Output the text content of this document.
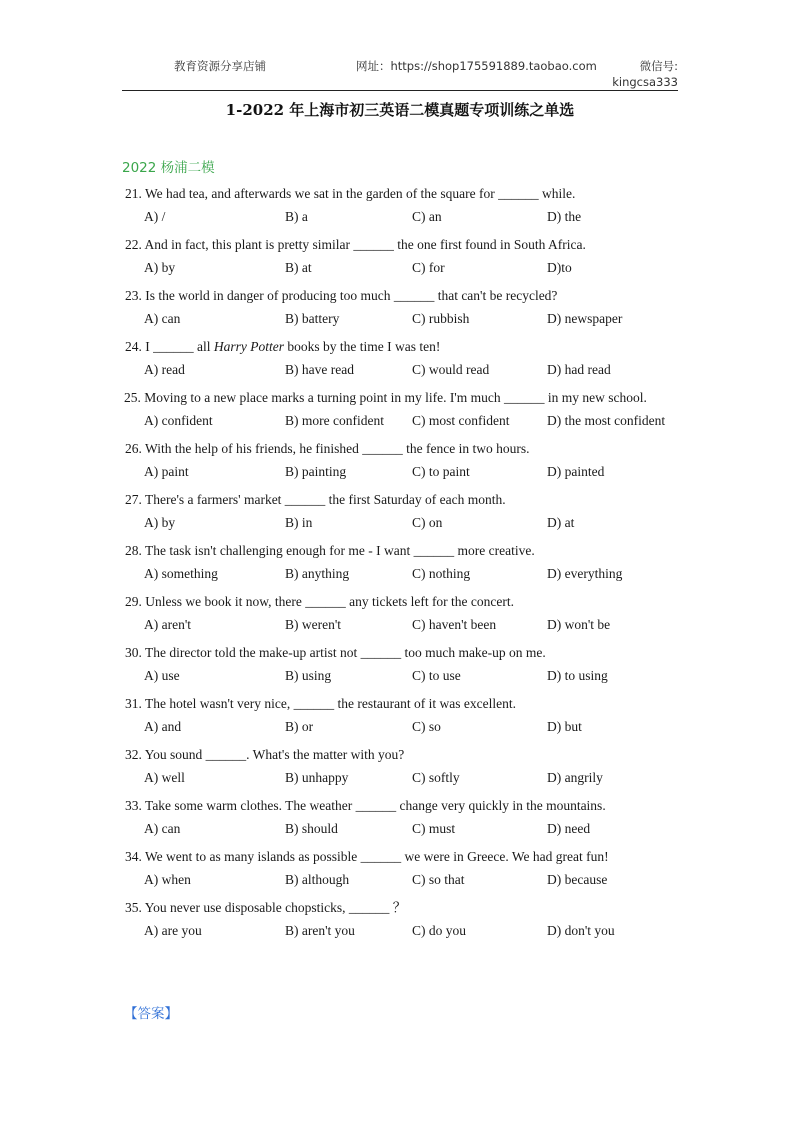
教育资源分享店铺	网址：https://shop175591889.taobao.com	微信号:
kingcsa333
1-2022 年上海市初三英语二模真题专项训练之单选
2022 杨浦二模
21. We had tea, and afterwards we sat in the garden of the square for ______ while.
A) /	B) a	C) an	D) the
22. And in fact, this plant is pretty similar ______ the one first found in South Africa.
A) by	B) at	C) for	D)to
23. Is the world in danger of producing too much ______ that can't be recycled?
A) can	B) battery	C) rubbish	D) newspaper
24. I ______ all Harry Potter books by the time I was ten!
A) read	B) have read	C) would read	D) had read
25. Moving to a new place marks a turning point in my life. I'm much ______ in my new school.
A) confident	B) more confident C) most confident	D) the most confident
26. With the help of his friends, he finished ______ the fence in two hours.
A) paint	B) painting	C) to paint	D) painted
27. There's a farmers' market ______ the first Saturday of each month.
A) by	B) in	C) on	D) at
28. The task isn't challenging enough for me - I want ______ more creative.
A) something	B) anything	C) nothing	D) everything
29. Unless we book it now, there ______ any tickets left for the concert.
A) aren't	B) weren't	C) haven't been	D) won't be
30. The director told the make-up artist not ______ too much make-up on me.
A) use	B) using	C) to use	D) to using
31. The hotel wasn't very nice, ______ the restaurant of it was excellent.
A) and	B) or	C) so	D) but
32. You sound ______. What's the matter with you?
A) well	B) unhappy	C) softly	D) angrily
33. Take some warm clothes. The weather ______ change very quickly in the mountains.
A) can	B) should	C) must	D) need
34. We went to as many islands as possible ______ we were in Greece. We had great fun!
A) when	B) although	C) so that	D) because
35. You never use disposable chopsticks, ______ ？
A) are you	B) aren't you	C) do you	D) don't you
【答案】
